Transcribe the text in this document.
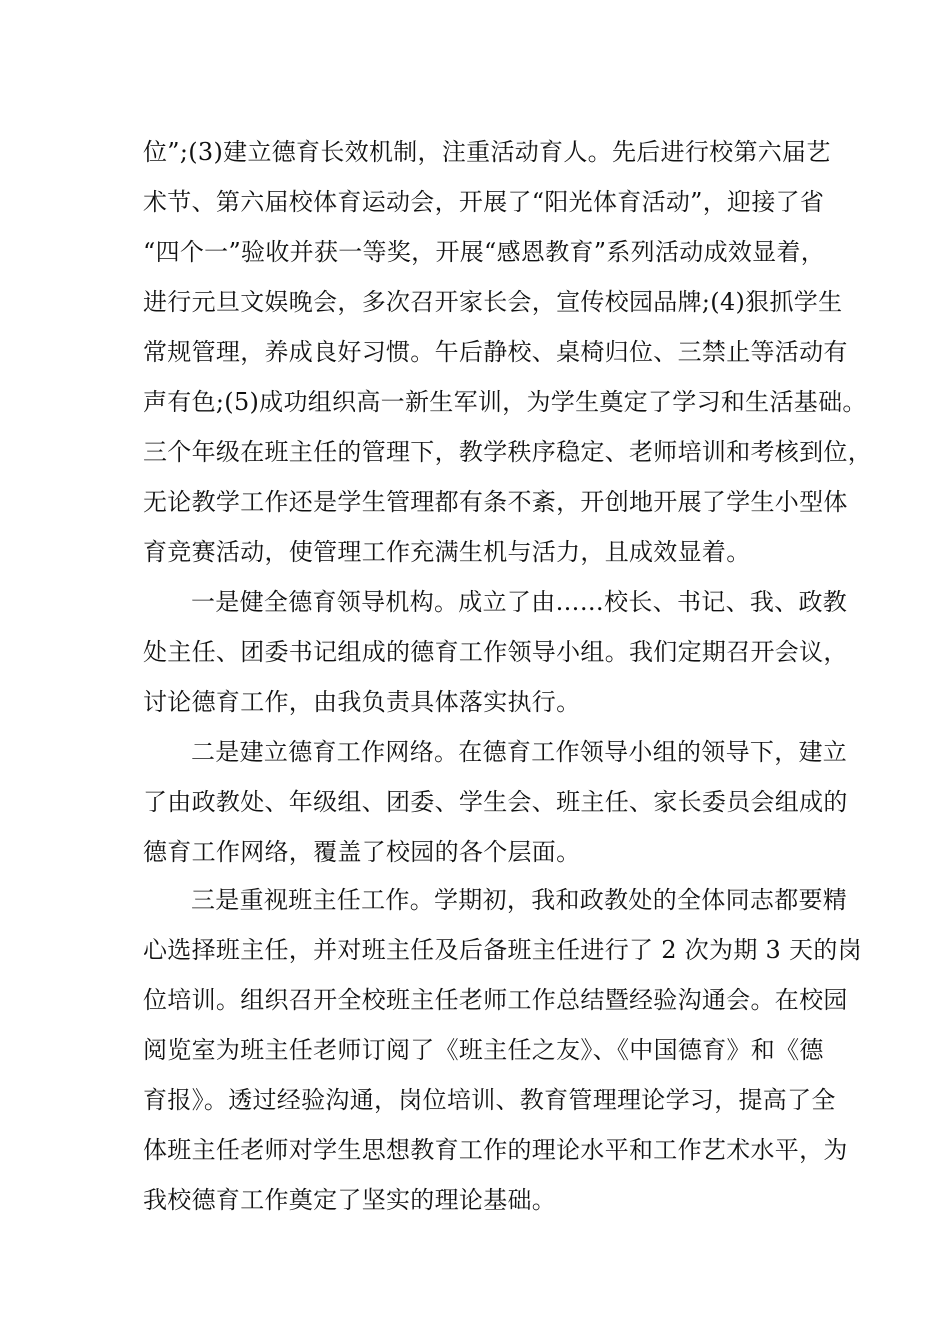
位”;(3)建立德育长效机制，注重活动育人。先后进行校第六届艺
术节、第六届校体育运动会，开展了“阳光体育活动”，迎接了省
“四个一”验收并获一等奖，开展“感恩教育”系列活动成效显着，
进行元旦文娱晚会，多次召开家长会，宣传校园品牌;(4)狠抓学生
常规管理，养成良好习惯。午后静校、桌椅归位、三禁止等活动有
声有色;(5)成功组织高一新生军训，为学生奠定了学习和生活基础。
三个年级在班主任的管理下，教学秩序稳定、老师培训和考核到位，
无论教学工作还是学生管理都有条不紊，开创地开展了学生小型体
育竞赛活动，使管理工作充满生机与活力，且成效显着。
一是健全德育领导机构。成立了由……校长、书记、我、政教
处主任、团委书记组成的德育工作领导小组。我们定期召开会议，
讨论德育工作，由我负责具体落实执行。
二是建立德育工作网络。在德育工作领导小组的领导下，建立
了由政教处、年级组、团委、学生会、班主任、家长委员会组成的
德育工作网络，覆盖了校园的各个层面。
三是重视班主任工作。学期初，我和政教处的全体同志都要精
心选择班主任，并对班主任及后备班主任进行了 2 次为期 3 天的岗
位培训。组织召开全校班主任老师工作总结暨经验沟通会。在校园
阅览室为班主任老师订阅了《班主任之友》、《中国德育》和《德
育报》。透过经验沟通，岗位培训、教育管理理论学习，提高了全
体班主任老师对学生思想教育工作的理论水平和工作艺术水平，为
我校德育工作奠定了坚实的理论基础。
